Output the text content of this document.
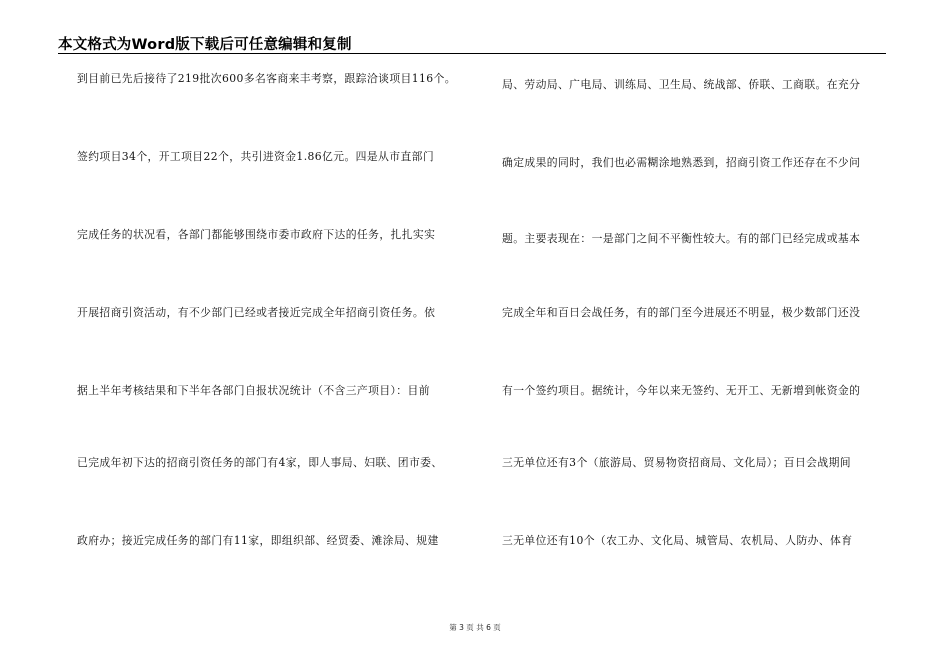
本文格式为Word版下载后可任意编辑和复制
到目前已先后接待了219批次600多名客商来丰考察，跟踪洽谈项目116个。
签约项目34个，开工项目22个，共引进资金1.86亿元。四是从市直部门
完成任务的状况看，各部门都能够围绕市委市政府下达的任务，扎扎实实
开展招商引资活动，有不少部门已经或者接近完成全年招商引资任务。依
据上半年考核结果和下半年各部门自报状况统计（不含三产项目）：目前
已完成年初下达的招商引资任务的部门有4家，即人事局、妇联、团市委、
政府办；接近完成任务的部门有11家，即组织部、经贸委、滩涂局、规建
局、劳动局、广电局、训练局、卫生局、统战部、侨联、工商联。在充分
确定成果的同时，我们也必需糊涂地熟悉到，招商引资工作还存在不少问
题。主要表现在：一是部门之间不平衡性较大。有的部门已经完成或基本
完成全年和百日会战任务，有的部门至今进展还不明显，极少数部门还没
有一个签约项目。据统计，今年以来无签约、无开工、无新增到帐资金的
三无单位还有3个（旅游局、贸易物资招商局、文化局）；百日会战期间
三无单位还有10个（农工办、文化局、城管局、农机局、人防办、体育
第 3 页 共 6 页
